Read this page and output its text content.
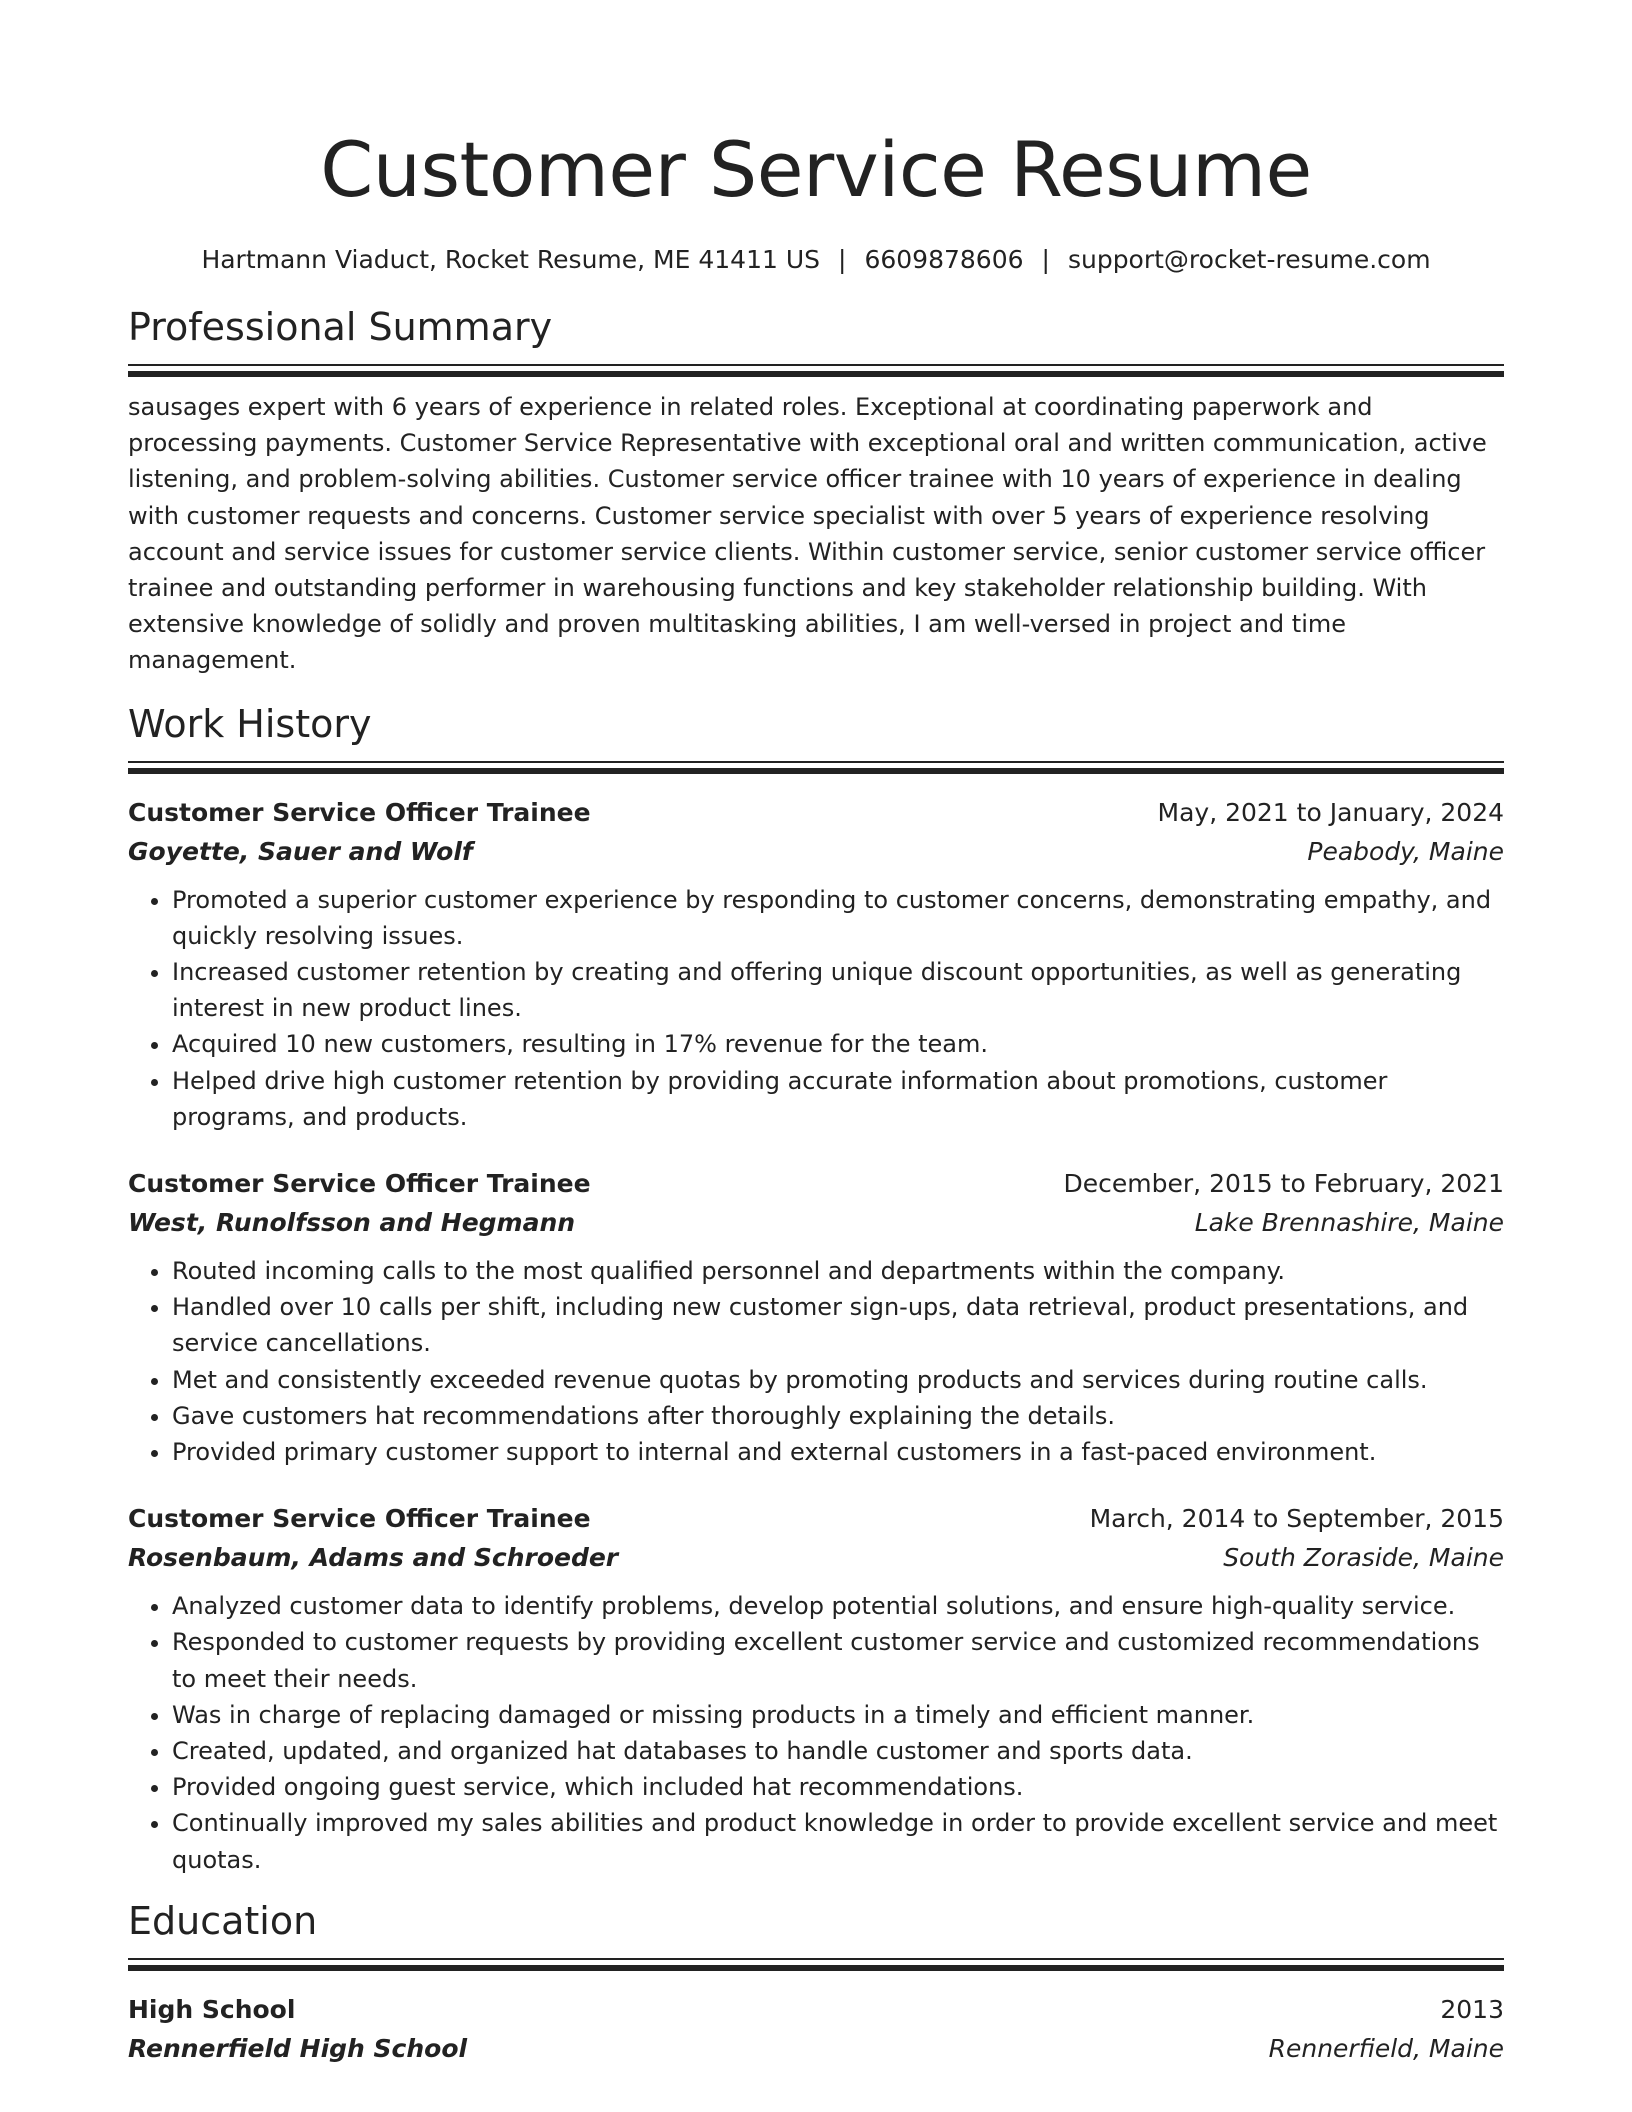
Customer Service Resume
Hartmann Viaduct, Rocket Resume, ME 41411 US | 6609878606 | support@rocket-resume.com
Professional Summary

sausages expert with 6 years of experience in related roles. Exceptional at coordinating paperwork and processing payments. Customer Service Representative with exceptional oral and written communication, active listening, and problem-solving abilities. Customer service officer trainee with 10 years of experience in dealing with customer requests and concerns. Customer service specialist with over 5 years of experience resolving account and service issues for customer service clients. Within customer service, senior customer service officer trainee and outstanding performer in warehousing functions and key stakeholder relationship building. With extensive knowledge of solidly and proven multitasking abilities, I am well-versed in project and time management.

Work History
Customer Service Officer Trainee	May, 2021 to January, 2024
Goyette, Sauer and Wolf	Peabody, Maine
• Promoted a superior customer experience by responding to customer concerns, demonstrating empathy, and quickly resolving issues.
• Increased customer retention by creating and offering unique discount opportunities, as well as generating interest in new product lines.
• Acquired 10 new customers, resulting in 17% revenue for the team.
• Helped drive high customer retention by providing accurate information about promotions, customer programs, and products.
Customer Service Officer Trainee	December, 2015 to February, 2021
West, Runolfsson and Hegmann	Lake Brennashire, Maine
• Routed incoming calls to the most qualified personnel and departments within the company.
• Handled over 10 calls per shift, including new customer sign-ups, data retrieval, product presentations, and service cancellations.
• Met and consistently exceeded revenue quotas by promoting products and services during routine calls.
• Gave customers hat recommendations after thoroughly explaining the details.
• Provided primary customer support to internal and external customers in a fast-paced environment.
Customer Service Officer Trainee	March, 2014 to September, 2015
Rosenbaum, Adams and Schroeder	South Zoraside, Maine
• Analyzed customer data to identify problems, develop potential solutions, and ensure high-quality service.
• Responded to customer requests by providing excellent customer service and customized recommendations to meet their needs.
• Was in charge of replacing damaged or missing products in a timely and efficient manner.
• Created, updated, and organized hat databases to handle customer and sports data.
• Provided ongoing guest service, which included hat recommendations.
• Continually improved my sales abilities and product knowledge in order to provide excellent service and meet quotas.
Education
High School	2013
Rennerfield High School	Rennerfield, Maine
